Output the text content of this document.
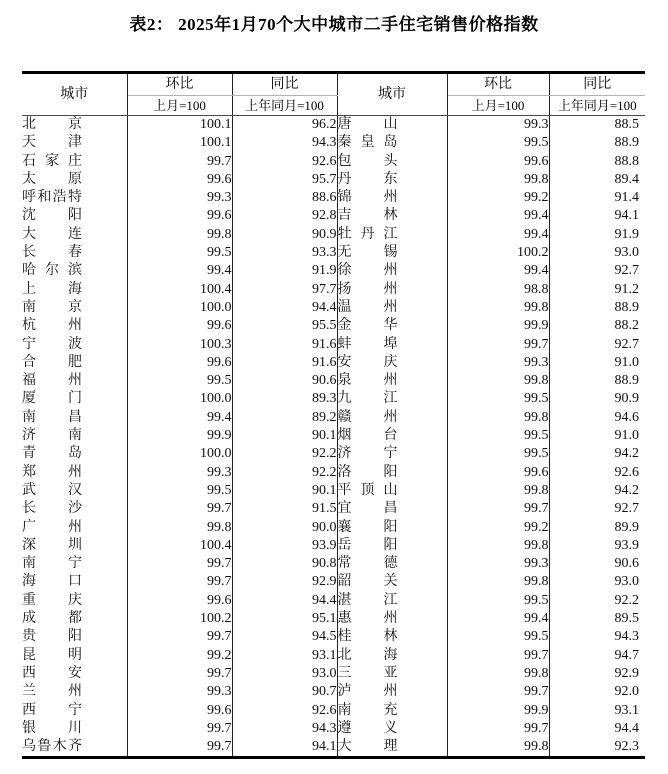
表2： 2025年1月70个大中城市二手住宅销售价格指数
城市	环比	同比	城市	环比	同比
	上月=100	上年同月=100		上月=100	上年同月=100
北京	100.1	96.2	唐山	99.3	88.5
天津	100.1	94.3	秦皇岛	99.5	88.9
石家庄	99.7	92.6	包头	99.6	88.8
太原	99.6	95.7	丹东	99.8	89.4
呼和浩特	99.3	88.6	锦州	99.2	91.4
沈阳	99.6	92.8	吉林	99.4	94.1
大连	99.8	90.9	牡丹江	99.4	91.9
长春	99.5	93.3	无锡	100.2	93.0
哈尔滨	99.4	91.9	徐州	99.4	92.7
上海	100.4	97.7	扬州	98.8	91.2
南京	100.0	94.4	温州	99.8	88.9
杭州	99.6	95.5	金华	99.9	88.2
宁波	100.3	91.6	蚌埠	99.7	92.7
合肥	99.6	91.6	安庆	99.3	91.0
福州	99.5	90.6	泉州	99.8	88.9
厦门	100.0	89.3	九江	99.5	90.9
南昌	99.4	89.2	赣州	99.8	94.6
济南	99.9	90.1	烟台	99.5	91.0
青岛	100.0	92.2	济宁	99.5	94.2
郑州	99.3	92.2	洛阳	99.6	92.6
武汉	99.5	90.1	平顶山	99.8	94.2
长沙	99.7	91.5	宜昌	99.7	92.7
广州	99.8	90.0	襄阳	99.2	89.9
深圳	100.4	93.9	岳阳	99.8	93.9
南宁	99.7	90.8	常德	99.3	90.6
海口	99.7	92.9	韶关	99.8	93.0
重庆	99.6	94.4	湛江	99.5	92.2
成都	100.2	95.1	惠州	99.4	89.5
贵阳	99.7	94.5	桂林	99.5	94.3
昆明	99.2	93.1	北海	99.7	94.7
西安	99.7	93.0	三亚	99.8	92.9
兰州	99.3	90.7	泸州	99.7	92.0
西宁	99.6	92.6	南充	99.9	93.1
银川	99.7	94.3	遵义	99.7	94.4
乌鲁木齐	99.7	94.1	大理	99.8	92.3
